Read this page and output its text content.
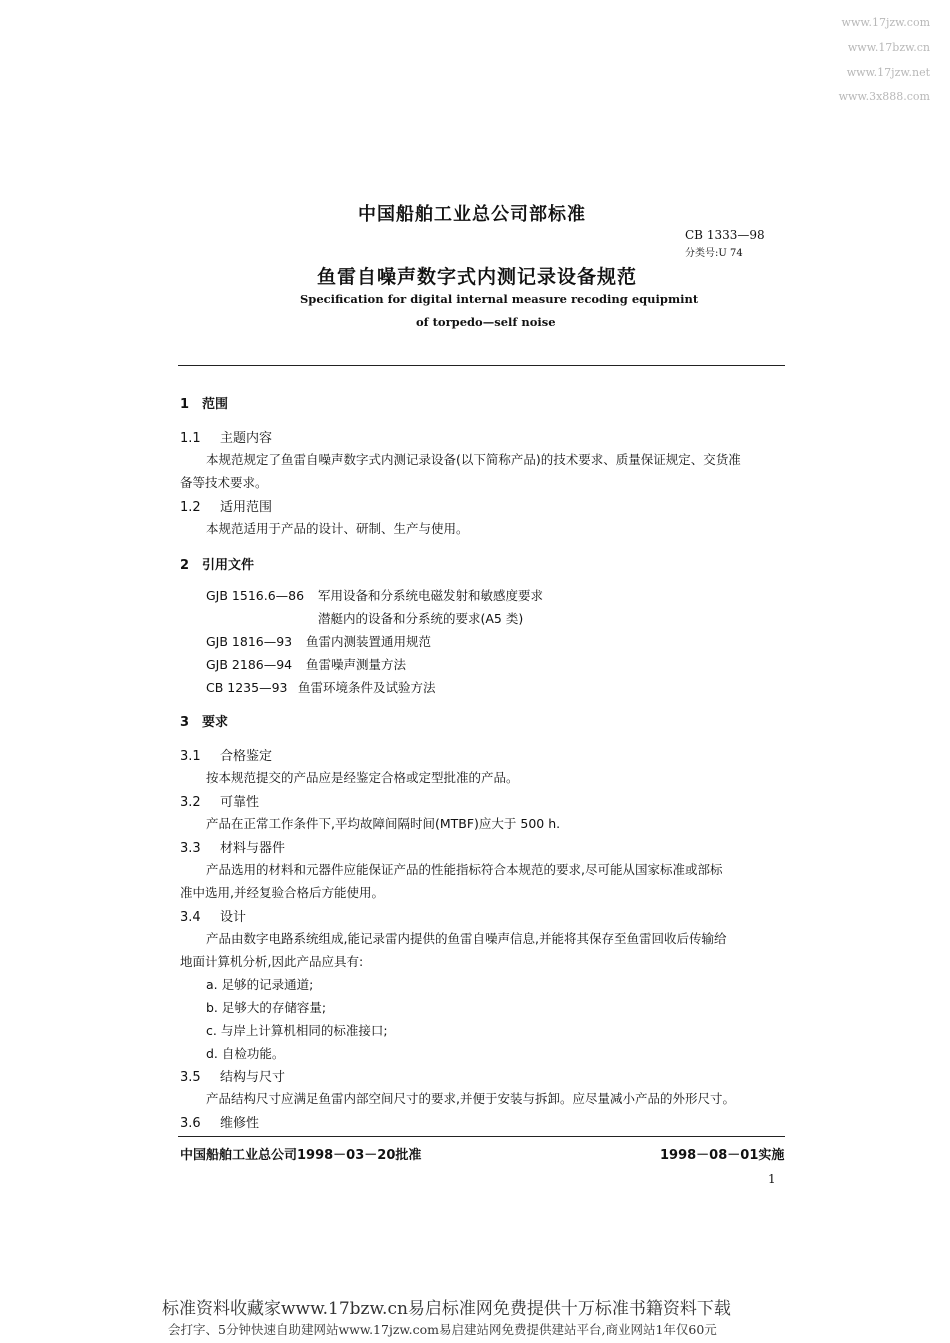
www.17jzw.com
www.17bzw.cn
www.17jzw.net
www.3x888.com
中国船舶工业总公司部标准
CB 1333—98
分类号:U 74
鱼雷自噪声数字式内测记录设备规范
Specification for digital internal measure recoding equipmint
of torpedo—self noise
1 范围
1.1 主题内容
本规范规定了鱼雷自噪声数字式内测记录设备(以下简称产品)的技术要求、质量保证规定、交货准
备等技术要求。
1.2 适用范围
本规范适用于产品的设计、研制、生产与使用。
2 引用文件
GJB 1516.6—86 军用设备和分系统电磁发射和敏感度要求
潜艇内的设备和分系统的要求(A5 类)
GJB 1816—93 鱼雷内测装置通用规范
GJB 2186—94 鱼雷噪声测量方法
CB 1235—93 鱼雷环境条件及试验方法
3 要求
3.1 合格鉴定
按本规范提交的产品应是经鉴定合格或定型批准的产品。
3.2 可靠性
产品在正常工作条件下,平均故障间隔时间(MTBF)应大于 500 h.
3.3 材料与器件
产品选用的材料和元器件应能保证产品的性能指标符合本规范的要求,尽可能从国家标准或部标
准中选用,并经复验合格后方能使用。
3.4 设计
产品由数字电路系统组成,能记录雷内提供的鱼雷自噪声信息,并能将其保存至鱼雷回收后传输给
地面计算机分析,因此产品应具有:
a. 足够的记录通道;
b. 足够大的存储容量;
c. 与岸上计算机相同的标准接口;
d. 自检功能。
3.5 结构与尺寸
产品结构尺寸应满足鱼雷内部空间尺寸的要求,并便于安装与拆卸。应尽量减小产品的外形尺寸。
3.6 维修性
中国船舶工业总公司1998－03－20批准	1998－08－01实施
1
标准资料收藏家www.17bzw.cn易启标准网免费提供十万标准书籍资料下载
会打字、5分钟快速自助建网站www.17jzw.com易启建站网免费提供建站平台,商业网站1年仅60元
